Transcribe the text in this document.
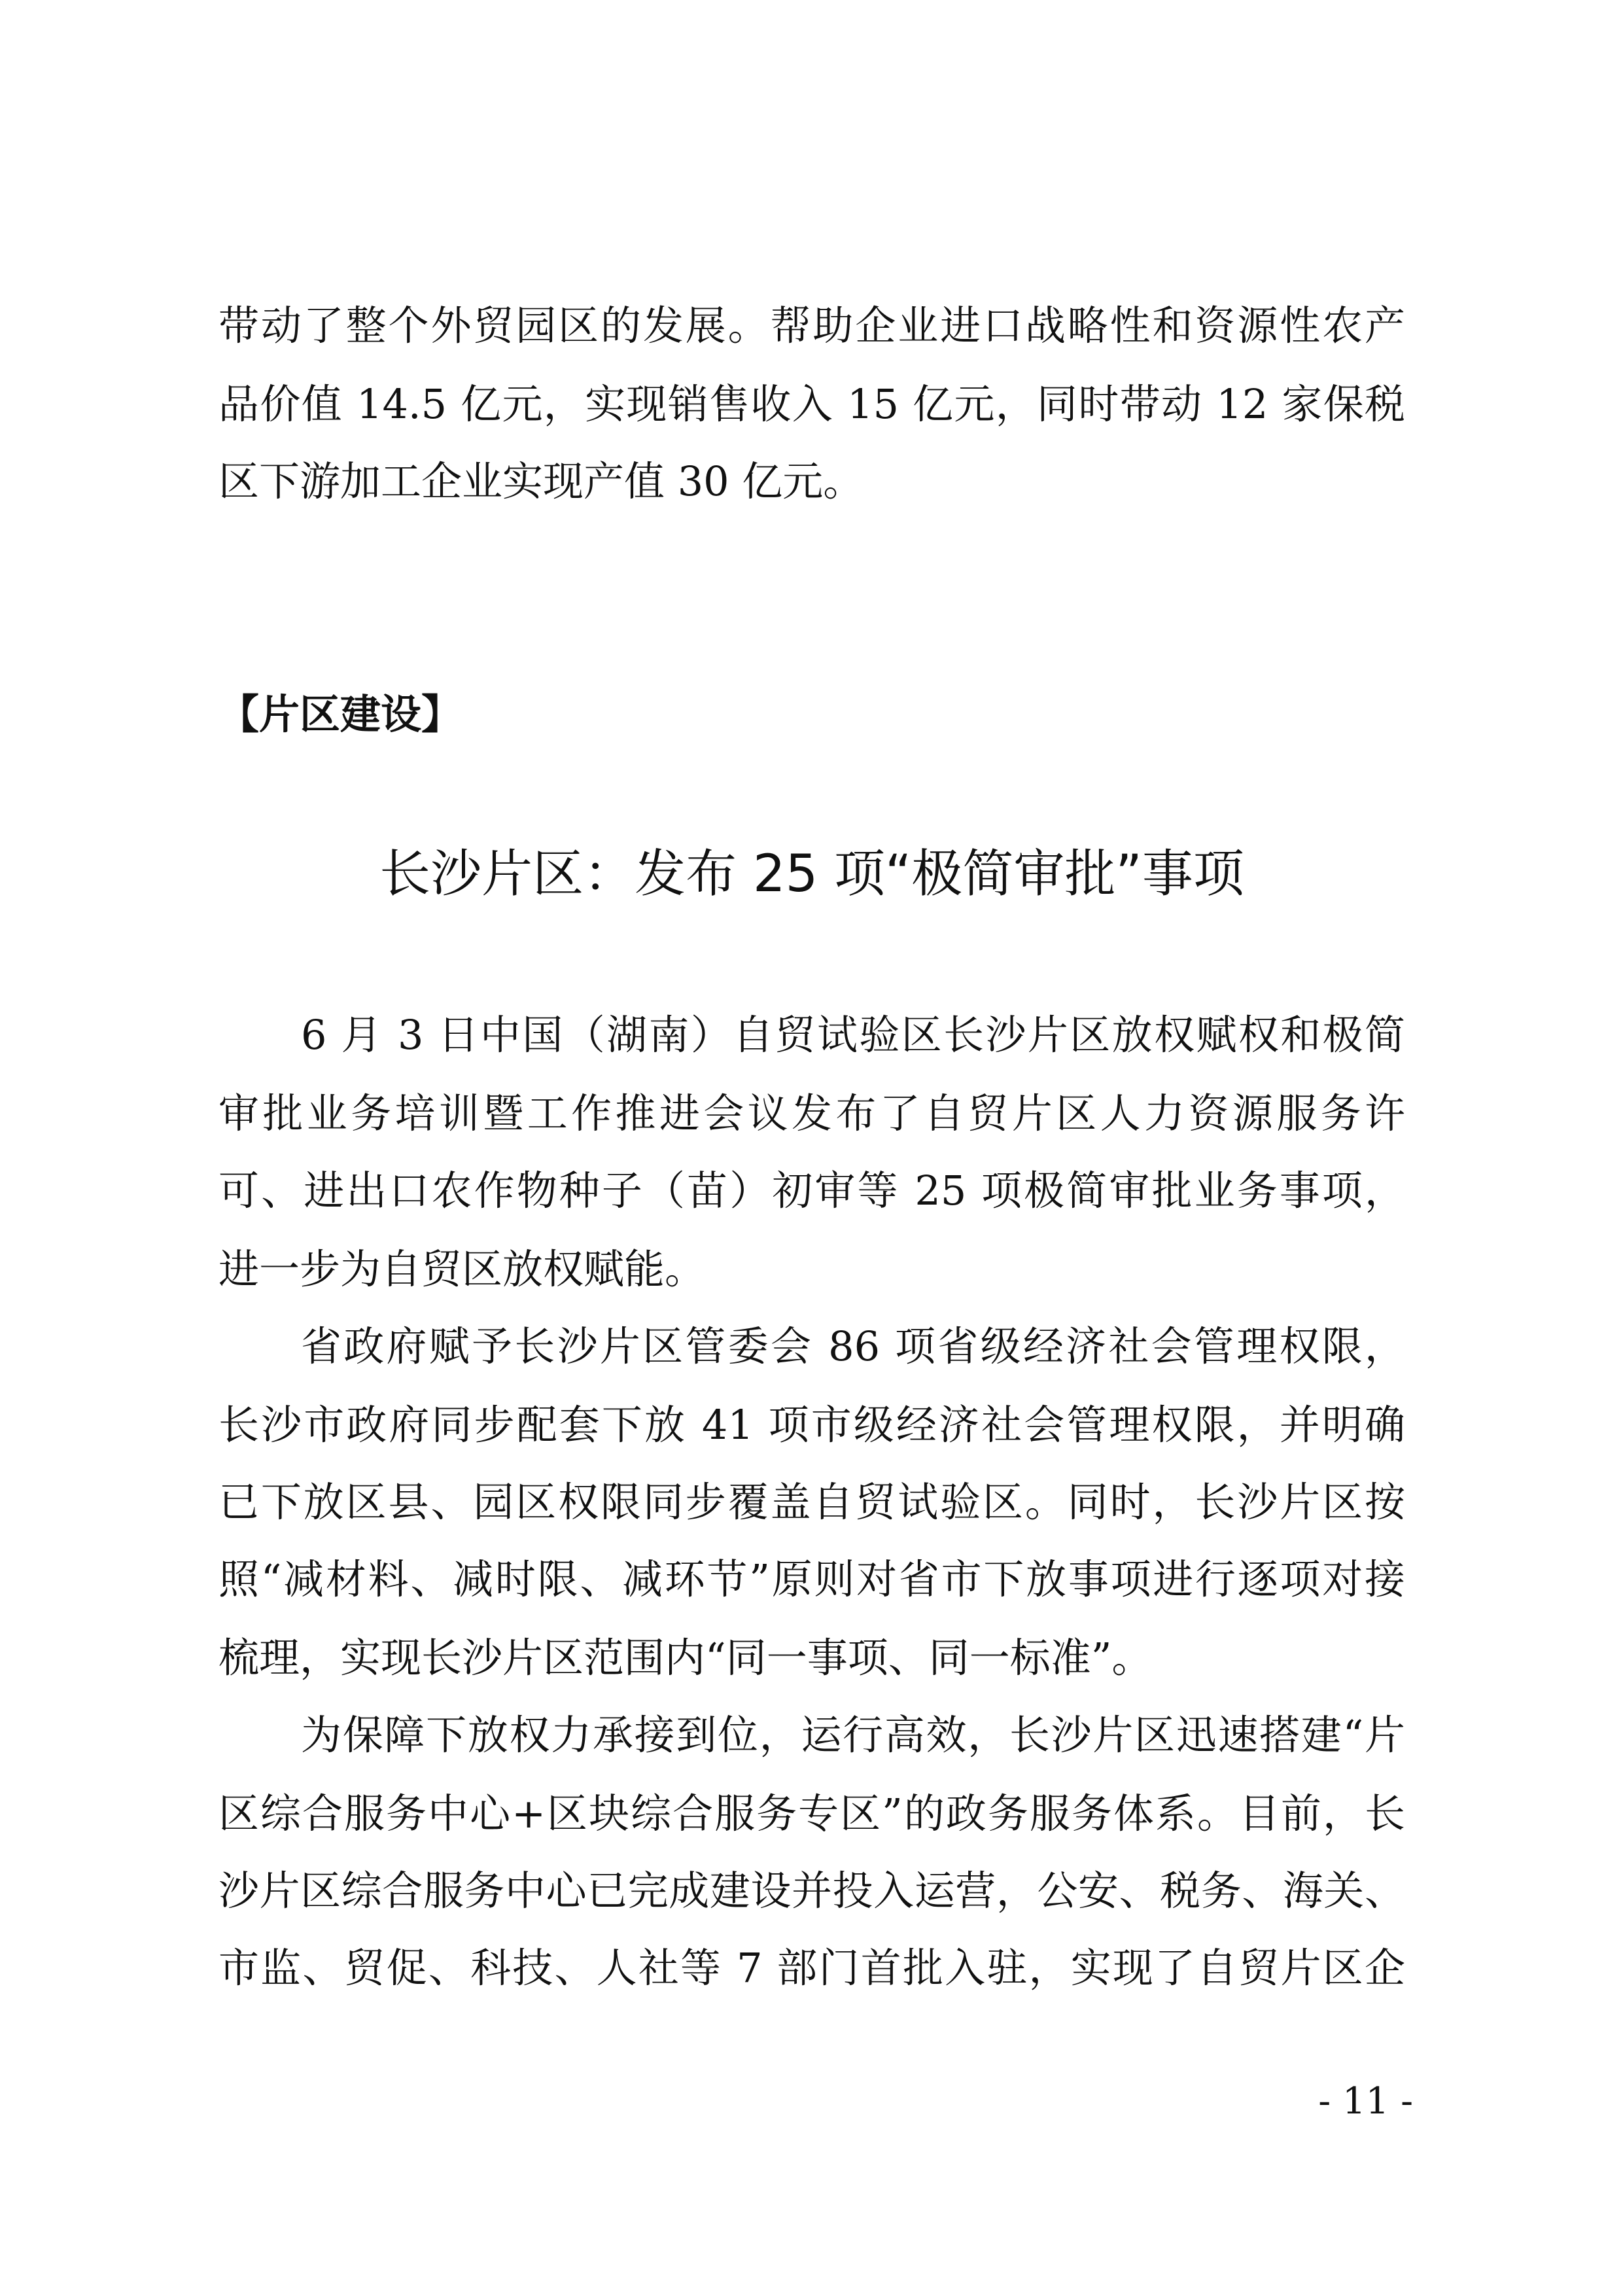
带动了整个外贸园区的发展。帮助企业进口战略性和资源性农产
品价值 14.5 亿元，实现销售收入 15 亿元，同时带动 12 家保税
区下游加工企业实现产值 30 亿元。
【片区建设】
长沙片区：发布 25 项“极简审批”事项
6 月 3 日中国（湖南）自贸试验区长沙片区放权赋权和极简
审批业务培训暨工作推进会议发布了自贸片区人力资源服务许
可、进出口农作物种子（苗）初审等 25 项极简审批业务事项，
进一步为自贸区放权赋能。
省政府赋予长沙片区管委会 86 项省级经济社会管理权限，
长沙市政府同步配套下放 41 项市级经济社会管理权限，并明确
已下放区县、园区权限同步覆盖自贸试验区。同时，长沙片区按
照“减材料、减时限、减环节”原则对省市下放事项进行逐项对接
梳理，实现长沙片区范围内“同一事项、同一标准”。
为保障下放权力承接到位，运行高效，长沙片区迅速搭建“片
区综合服务中心+区块综合服务专区”的政务服务体系。目前，长
沙片区综合服务中心已完成建设并投入运营，公安、税务、海关、
市监、贸促、科技、人社等 7 部门首批入驻，实现了自贸片区企
- 11 -
